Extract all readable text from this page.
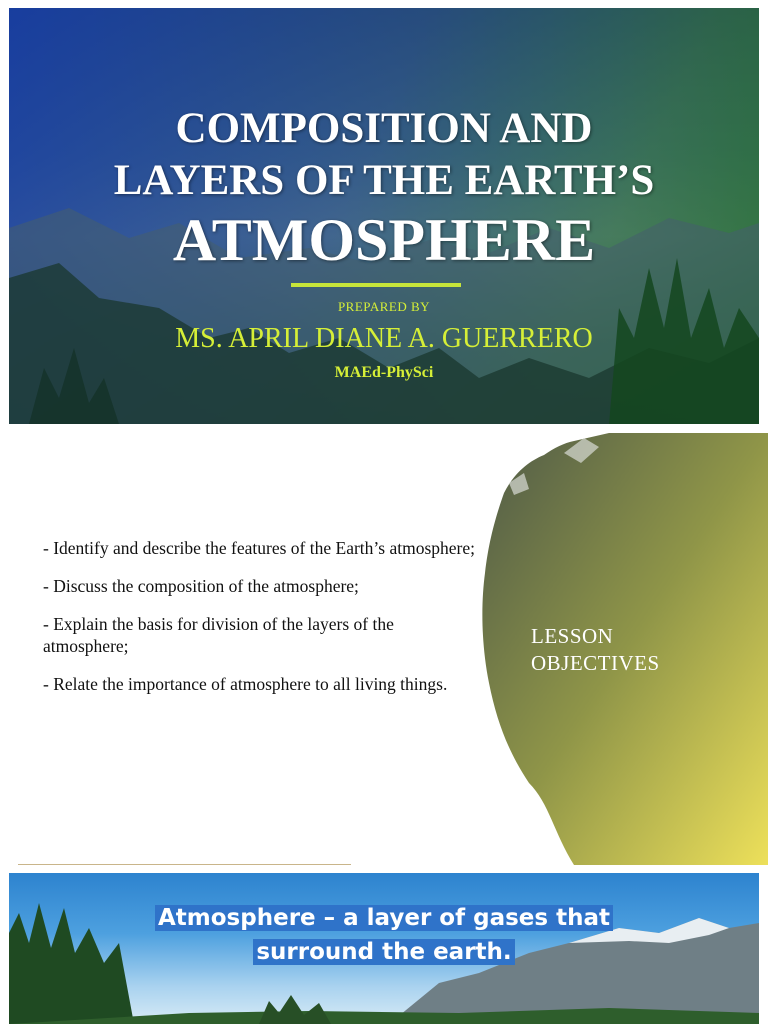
COMPOSITION AND
LAYERS OF THE EARTH’S
ATMOSPHERE
PREPARED BY
MS. APRIL DIANE A. GUERRERO
MAEd-PhySci

- Identify and describe the features of the Earth’s atmosphere;

- Discuss the composition of the atmosphere;

- Explain the basis for division of the layers of the atmosphere;

- Relate the importance of atmosphere to all living things.

LESSON
OBJECTIVES
Atmosphere – a layer of gases that
surround the earth.
